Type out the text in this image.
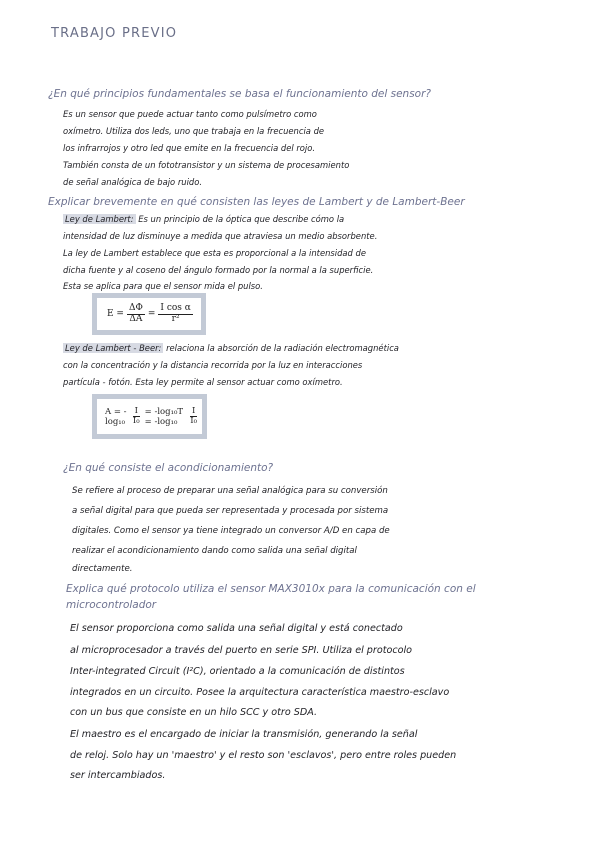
TRABAJO PREVIO
¿En qué principios fundamentales se basa el funcionamiento del sensor?
Es un sensor que puede actuar tanto como pulsímetro como
oxímetro. Utiliza dos leds, uno que trabaja en la frecuencia de
los infrarrojos y otro led que emite en la frecuencia del rojo.
También consta de un fototransistor y un sistema de procesamiento
de señal analógica de bajo ruido.
Explicar brevemente en qué consisten las leyes de Lambert y de Lambert-Beer
Ley de Lambert: Es un principio de la óptica que describe cómo la
intensidad de luz disminuye a medida que atraviesa un medio absorbente.
La ley de Lambert establece que esta es proporcional a la intensidad de
dicha fuente y al coseno del ángulo formado por la normal a la superficie.
Esta se aplica para que el sensor mida el pulso.
$E = \frac{\Delta\Phi}{\Delta A} = \frac{\text{I cos α}}{\text{r²}}$
Ley de Lambert - Beer: relaciona la absorción de la radiación electromagnética
con la concentración y la distancia recorrida por la luz en interacciones
partícula - fotón. Esta ley permite al sensor actuar como oxímetro.
$A = -\log_{10} \frac{I}{\text{I₀}} = -\log_{10}T = -\log_{10}$	$\frac{I}{\text{I₀}}$
¿En qué consiste el acondicionamiento?
Se refiere al proceso de preparar una señal analógica para su conversión
a señal digital para que pueda ser representada y procesada por sistema
digitales. Como el sensor ya tiene integrado un conversor A/D en capa de
realizar el acondicionamiento dando como salida una señal digital
directamente.
Explica qué protocolo utiliza el sensor MAX3010x para la comunicación con el
microcontrolador
El sensor proporciona como salida una señal digital y está conectado
al microprocesador a través del puerto en serie SPI. Utiliza el protocolo
Inter-integrated Circuit (I²C), orientado a la comunicación de distintos
integrados en un circuito. Posee la arquitectura característica maestro-esclavo
con un bus que consiste en un hilo SCC y otro SDA.
El maestro es el encargado de iniciar la transmisión, generando la señal
de reloj. Solo hay un 'maestro' y el resto son 'esclavos', pero entre roles pueden
ser intercambiados.
